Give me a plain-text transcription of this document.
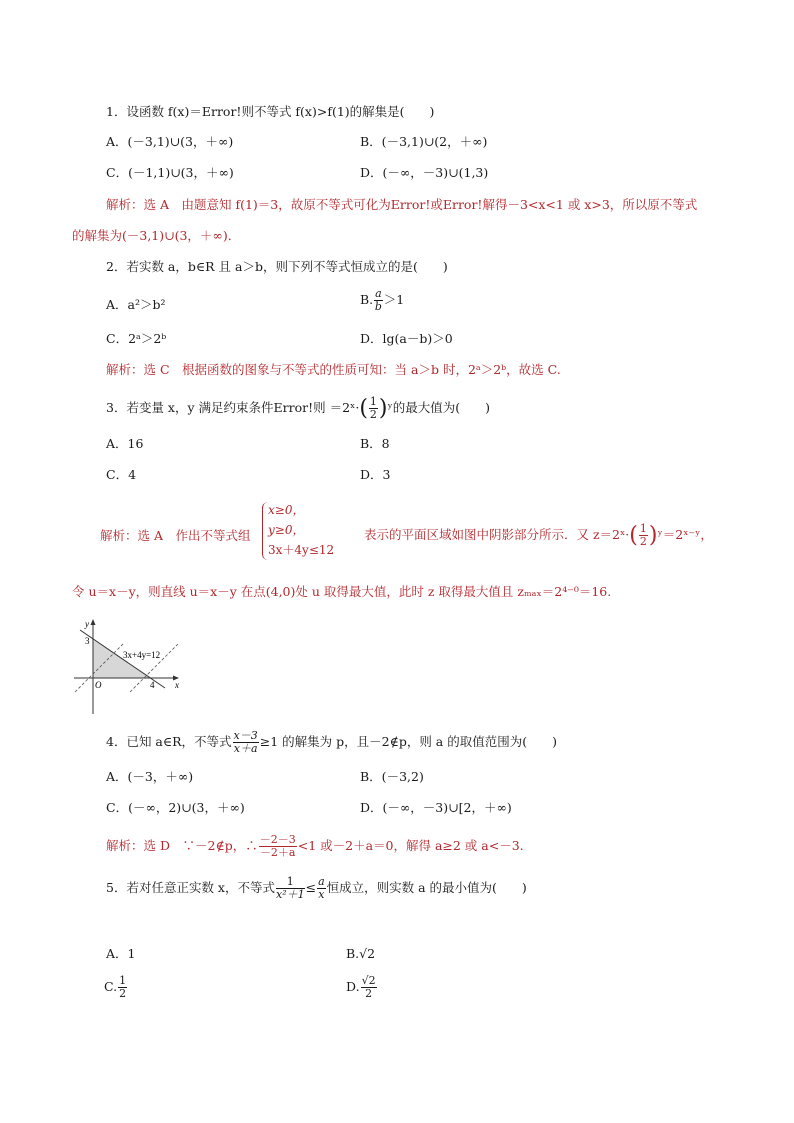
1．设函数 f(x)＝Error!则不等式 f(x)>f(1)的解集是(　　)
A．(－3,1)∪(3，＋∞)	B．(－3,1)∪(2，＋∞)
C．(－1,1)∪(3，＋∞)	D．(－∞，－3)∪(1,3)
解析：选 A　由题意知 f(1)＝3，故原不等式可化为Error!或Error!解得－3<x<1 或 x>3，所以原不等式
的解集为(－3,1)∪(3，＋∞)．
2．若实数 a，b∈R 且 a＞b，则下列不等式恒成立的是(　　)
A．a²＞b²	B. $\frac{a}{b} >1$
C．2ᵃ＞2ᵇ	D．lg(a－b)＞0
解析：选 C　根据函数的图象与不等式的性质可知：当 a＞b 时，2ᵃ＞2ᵇ，故选 C.
3．若变量 x，y 满足约束条件Error!则 ＝2ˣ·( $\frac{1}{2}$ )ʸ的最大值为(　　)
A．16	B．8
C．4	D．3
解析：选 A　作出不等式组
x≥0，
y≥0，
3x＋4y≤12
表示的平面区域如图中阴影部分所示．又 z＝2ˣ·( $\frac{1}{2}$ )ʸ＝2ˣ⁻ʸ，
令 u＝x－y，则直线 u＝x－y 在点(4,0)处 u 取得最大值，此时 z 取得最大值且 zₘₐₓ＝2⁴⁻⁰＝16.
y
x
O
3
4
3x+4y=12
4．已知 a∈R，不等式 $\frac{x-3}{x+a} \ge 1$ 的解集为 p，且－2∉p，则 a 的取值范围为(　　)
A．(－3，＋∞)	B．(－3,2)
C．(－∞，2)∪(3，＋∞)	D．(－∞，－3)∪[2，＋∞)
解析：选 D　∵－2∉p，∴ $\frac{-2-3}{-2+a} <1$ 或－2＋a＝0，解得 a≥2 或 a<－3.
5．若对任意正实数 x，不等式 $\frac{1}{\text{x²＋1}} \le \frac{a}{x}$ 恒成立，则实数 a 的最小值为(　　)
A．1	B.√2
C. $\frac{1}{2}$	D. $\frac{√2}{2}$
